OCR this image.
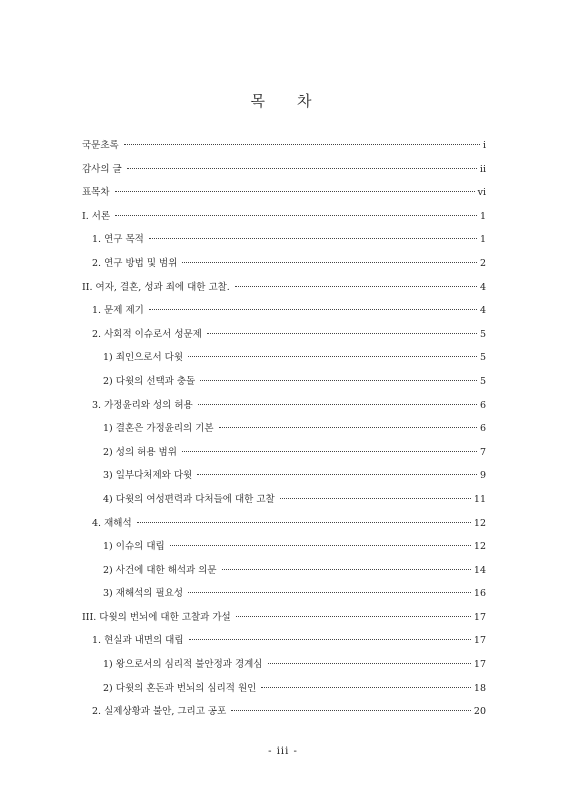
목 차
국문초록	i
감사의 글	ii
표목차	vi
I. 서론	1
1. 연구 목적	1
2. 연구 방법 및 범위	2
II. 여자, 결혼, 성과 죄에 대한 고찰.	4
1. 문제 제기	4
2. 사회적 이슈로서 성문제	5
1) 죄인으로서 다윗	5
2) 다윗의 선택과 충돌	5
3. 가정윤리와 성의 허용	6
1) 결혼은 가정윤리의 기본	6
2) 성의 허용 범위	7
3) 일부다처제와 다윗	9
4) 다윗의 여성편력과 다처들에 대한 고찰	11
4. 재해석	12
1) 이슈의 대립	12
2) 사건에 대한 해석과 의문	14
3) 재해석의 필요성	16
III. 다윗의 번뇌에 대한 고찰과 가설	17
1. 현실과 내면의 대립	17
1) 왕으로서의 심리적 불안정과 경계심	17
2) 다윗의 혼돈과 번뇌의 심리적 원인	18
2. 실제상황과 불안, 그리고 공포	20
- iii -
